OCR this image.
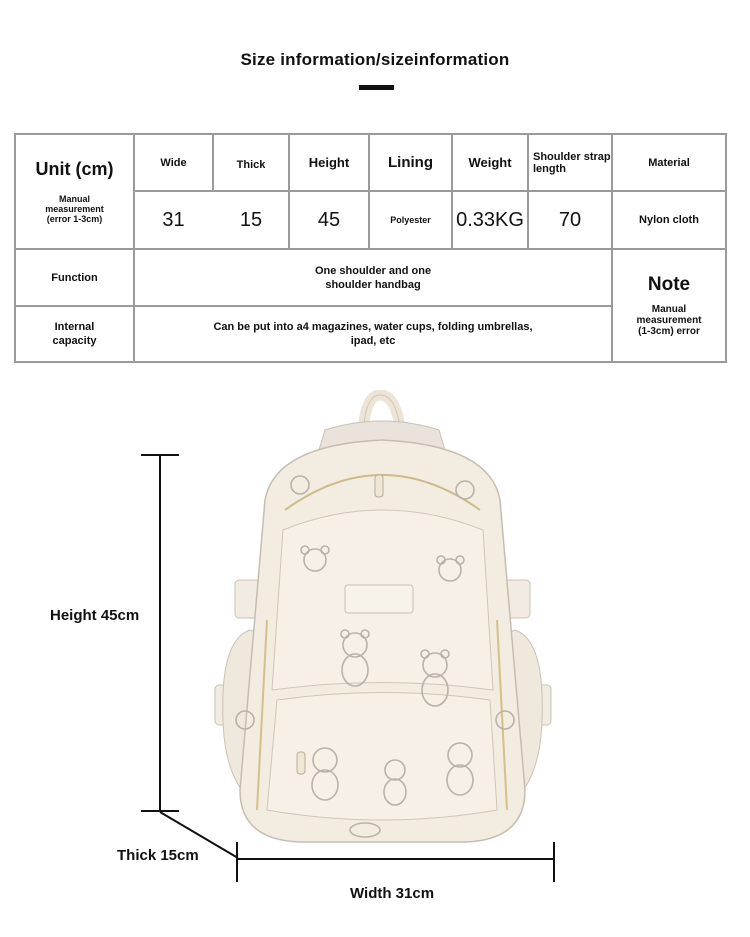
Size information/sizeinformation
Unit (cm)
Manual measurement (error 1-3cm)
Wide	Thick	Height	Lining	Weight	Shoulder strap length	Material
31	15	45	Polyester	0.33KG	70	Nylon cloth
Function
One shoulder and one shoulder handbag
Internal capacity
Can be put into a4 magazines, water cups, folding umbrellas, ipad, etc
Note
Manual measurement (1-3cm) error
Height 45cm
Thick 15cm
Width 31cm
